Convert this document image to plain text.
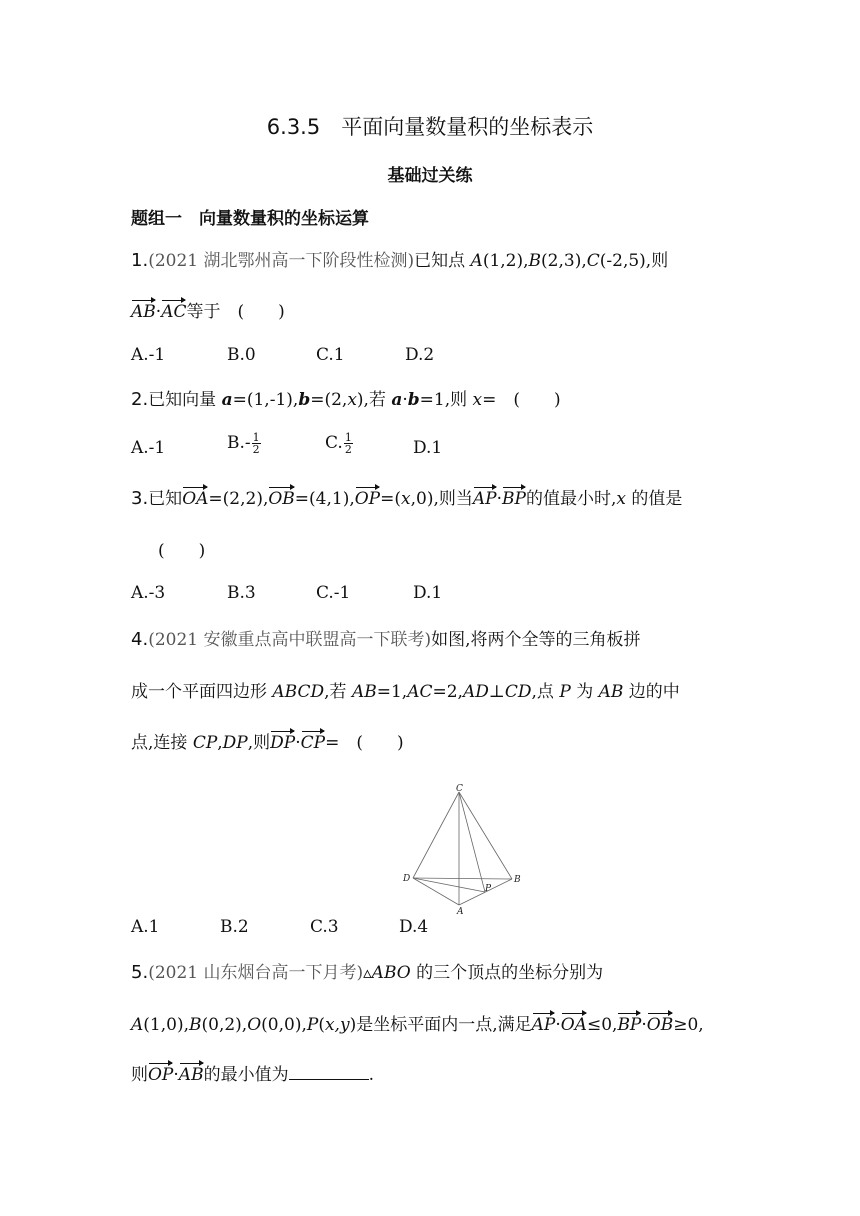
6.3.5　平面向量数量积的坐标表示
基础过关练
题组一　向量数量积的坐标运算
1.(2021 湖北鄂州高一下阶段性检测)已知点 A(1,2),B(2,3),C(-2,5),则
AB·AC等于　(　　)
A.-1	B.0	C.1	D.2
2.已知向量 a=(1,-1),b=(2,x),若 a·b=1,则 x=　(　　)
A.-1	$B.- \frac{1}{2}$	C. $\frac{1}{2}$	D.1
3.已知OA=(2,2),OB=(4,1),OP=(x,0),则当AP·BP的值最小时,x 的值是
(　　)
A.-3	B.3	C.-1	D.1
4.(2021 安徽重点高中联盟高一下联考)如图,将两个全等的三角板拼
成一个平面四边形 ABCD,若 AB=1,AC=2,AD⊥CD,点 P 为 AB 边的中
点,连接 CP,DP,则DP·CP=　(　　)
C
D	B
P
A
A.1	B.2	C.3	D.4
5.(2021 山东烟台高一下月考)▵ABO 的三个顶点的坐标分别为
A(1,0),B(0,2),O(0,0),P(x,y)是坐标平面内一点,满足AP·OA≤0,BP·OB≥0,
则OP·AB的最小值为	.
